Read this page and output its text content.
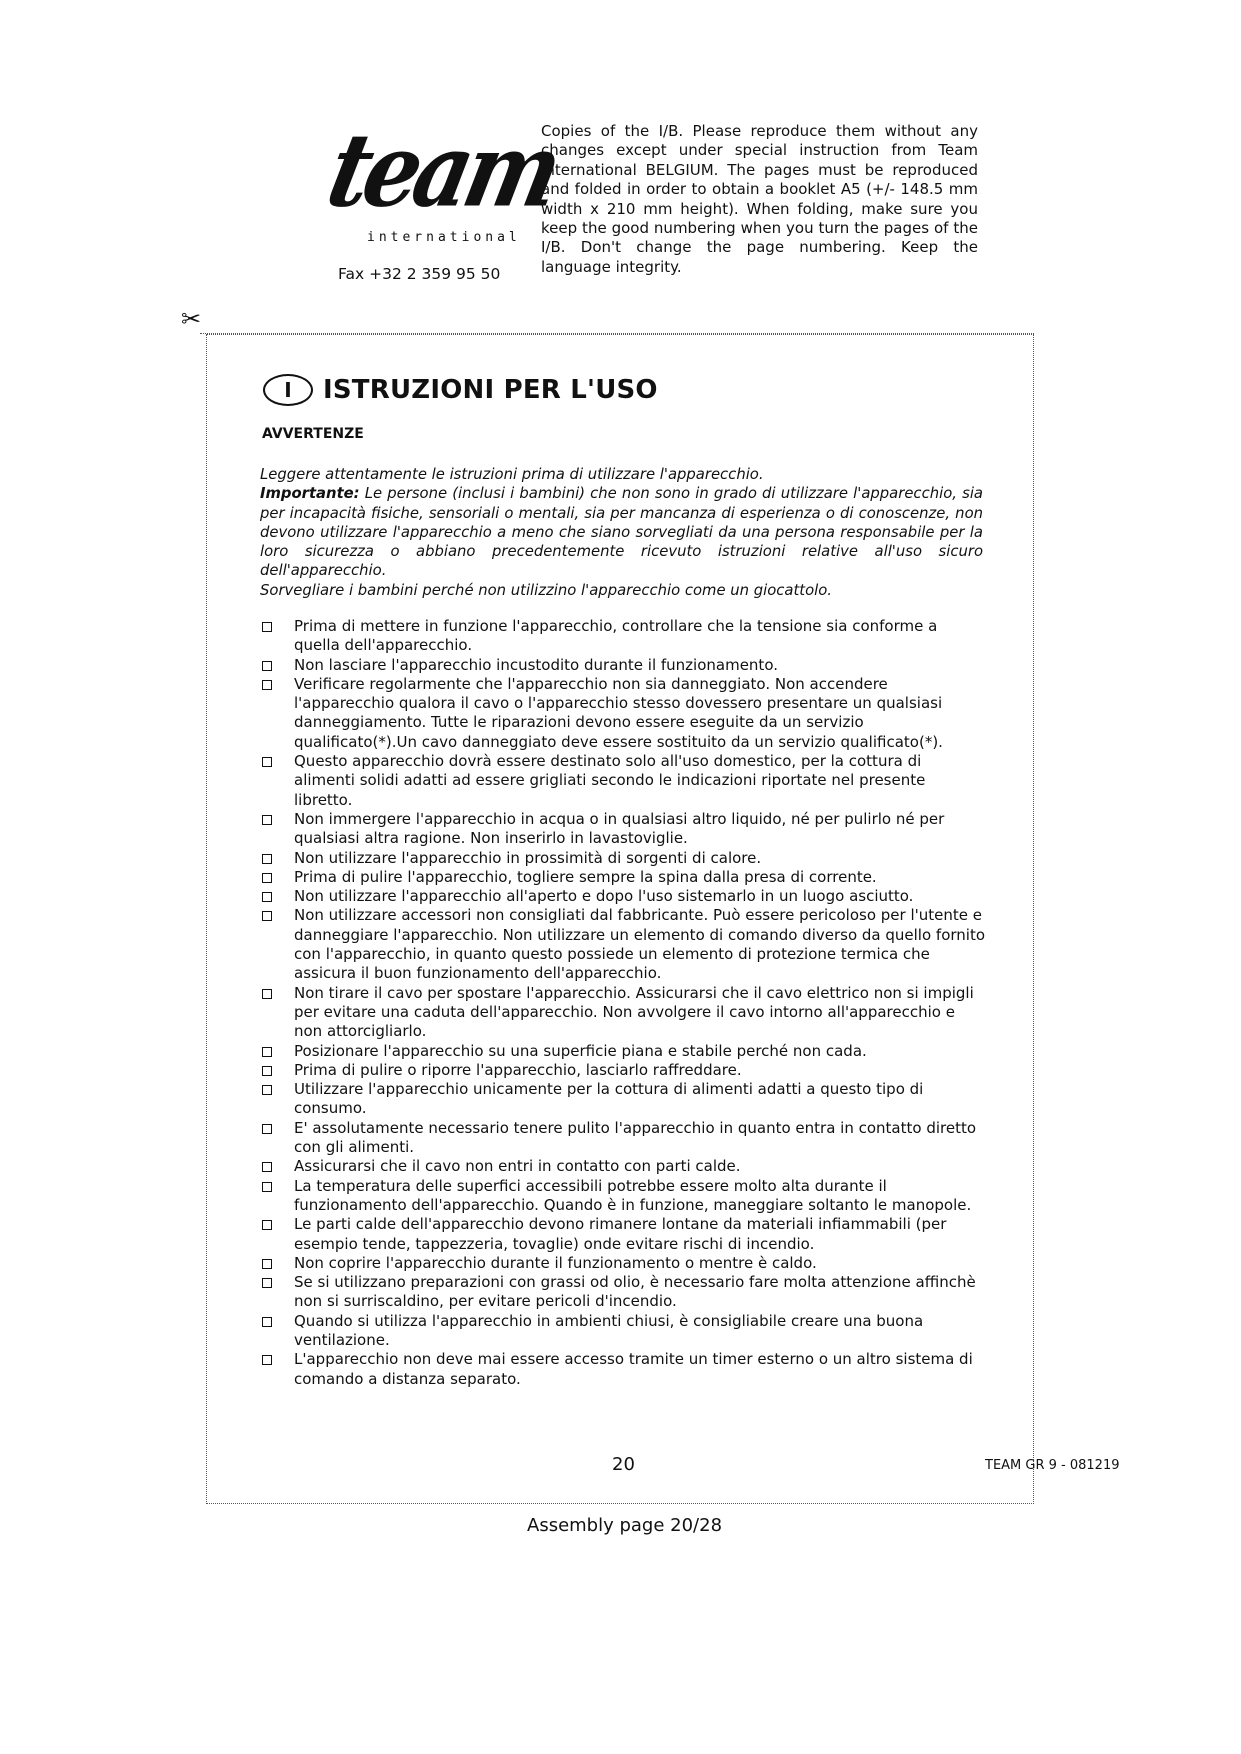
team
international
Fax +32 2 359 95 50
Copies of the I/B. Please reproduce them without any changes except under special instruction from Team International BELGIUM. The pages must be reproduced and folded in order to obtain a booklet A5 (+/- 148.5 mm width x 210 mm height). When folding, make sure you keep the good numbering when you turn the pages of the I/B. Don't change the page numbering. Keep the language integrity.
✂
I	ISTRUZIONI PER L'USO
AVVERTENZE

Leggere attentamente le istruzioni prima di utilizzare l'apparecchio.

Importante: Le persone (inclusi i bambini) che non sono in grado di utilizzare l'apparecchio, sia per incapacità fisiche, sensoriali o mentali, sia per mancanza di esperienza o di conoscenze, non devono utilizzare l'apparecchio a meno che siano sorvegliati da una persona responsabile per la loro sicurezza o abbiano precedentemente ricevuto istruzioni relative all'uso sicuro dell'apparecchio.

Sorvegliare i bambini perché non utilizzino l'apparecchio come un giocattolo.

Prima di mettere in funzione l'apparecchio, controllare che la tensione sia conforme a quella dell'apparecchio.
Non lasciare l'apparecchio incustodito durante il funzionamento.
Verificare regolarmente che l'apparecchio non sia danneggiato. Non accendere l'apparecchio qualora il cavo o l'apparecchio stesso dovessero presentare un qualsiasi danneggiamento. Tutte le riparazioni devono essere eseguite da un servizio qualificato(*).Un cavo danneggiato deve essere sostituito da un servizio qualificato(*).
Questo apparecchio dovrà essere destinato solo all'uso domestico, per la cottura di alimenti solidi adatti ad essere grigliati secondo le indicazioni riportate nel presente libretto.
Non immergere l'apparecchio in acqua o in qualsiasi altro liquido, né per pulirlo né per qualsiasi altra ragione. Non inserirlo in lavastoviglie.
Non utilizzare l'apparecchio in prossimità di sorgenti di calore.
Prima di pulire l'apparecchio, togliere sempre la spina dalla presa di corrente.
Non utilizzare l'apparecchio all'aperto e dopo l'uso sistemarlo in un luogo asciutto.
Non utilizzare accessori non consigliati dal fabbricante. Può essere pericoloso per l'utente e danneggiare l'apparecchio. Non utilizzare un elemento di comando diverso da quello fornito con l'apparecchio, in quanto questo possiede un elemento di protezione termica che assicura il buon funzionamento dell'apparecchio.
Non tirare il cavo per spostare l'apparecchio. Assicurarsi che il cavo elettrico non si impigli per evitare una caduta dell'apparecchio. Non avvolgere il cavo intorno all'apparecchio e non attorcigliarlo.
Posizionare l'apparecchio su una superficie piana e stabile perché non cada.
Prima di pulire o riporre l'apparecchio, lasciarlo raffreddare.
Utilizzare l'apparecchio unicamente per la cottura di alimenti adatti a questo tipo di consumo.
E' assolutamente necessario tenere pulito l'apparecchio in quanto entra in contatto diretto con gli alimenti.
Assicurarsi che il cavo non entri in contatto con parti calde.
La temperatura delle superfici accessibili potrebbe essere molto alta durante il funzionamento dell'apparecchio. Quando è in funzione, maneggiare soltanto le manopole.
Le parti calde dell'apparecchio devono rimanere lontane da materiali infiammabili (per esempio tende, tappezzeria, tovaglie) onde evitare rischi di incendio.
Non coprire l'apparecchio durante il funzionamento o mentre è caldo.
Se si utilizzano preparazioni con grassi od olio, è necessario fare molta attenzione affinchè non si surriscaldino, per evitare pericoli d'incendio.
Quando si utilizza l'apparecchio in ambienti chiusi, è consigliabile creare una buona ventilazione.
L'apparecchio non deve mai essere accesso tramite un timer esterno o un altro sistema di comando a distanza separato.
20	TEAM GR 9 - 081219
Assembly page 20/28
